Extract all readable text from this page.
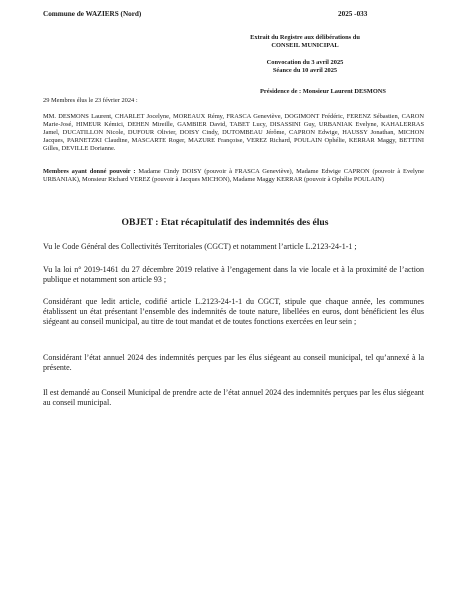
Commune de WAZIERS (Nord)	2025 -033
Extrait du Registre aux délibérations du
CONSEIL MUNICIPAL
Convocation du 3 avril 2025
Séance du 10 avril 2025
Présidence de : Monsieur Laurent DESMONS
29 Membres élus le 23 février 2024 :
MM. DESMONS Laurent, CHARLET Jocelyne, MOREAUX Rémy, FRASCA Geneviève, DOGIMONT Frédéric, FERENZ Sébastien, CARON Marie-José, HIMEUR Kémici, DEHEN Mireille, GAMBIER David, TABET Lucy, DISASSINI Guy, URBANIAK Evelyne, KAHALERRAS Jamel, DUCATILLON Nicole, DUFOUR Olivier, DOISY Cindy, DUTOMBEAU Jérôme, CAPRON Edwige, HAUSSY Jonathan, MICHON Jacques, PARNETZKI Claudine, MASCARTE Roger, MAZURE Françoise, VEREZ Richard, POULAIN Ophélie, KERRAR Maggy, BETTINI Gilles, DEVILLE Dorianne.
Membres ayant donné pouvoir : Madame Cindy DOISY (pouvoir à FRASCA Geneviève), Madame Edwige CAPRON (pouvoir à Evelyne URBANIAK), Monsieur Richard VEREZ (pouvoir à Jacques MICHON), Madame Maggy KERRAR (pouvoir à Ophélie POULAIN)
OBJET : Etat récapitulatif des indemnités des élus
Vu le Code Général des Collectivités Territoriales (CGCT) et notamment l’article L.2123-24-1-1 ;
Vu la loi n° 2019-1461 du 27 décembre 2019 relative à l’engagement dans la vie locale et à la proximité de l’action publique et notamment son article 93 ;
Considérant que ledit article, codifié article L.2123-24-1-1 du CGCT, stipule que chaque année, les communes établissent un état présentant l’ensemble des indemnités de toute nature, libellées en euros, dont bénéficient les élus siégeant au conseil municipal, au titre de tout mandat et de toutes fonctions exercées en leur sein ;
Considérant l’état annuel 2024 des indemnités perçues par les élus siégeant au conseil municipal, tel qu’annexé à la présente.
Il est demandé au Conseil Municipal de prendre acte de l’état annuel 2024 des indemnités perçues par les élus siégeant au conseil municipal.
